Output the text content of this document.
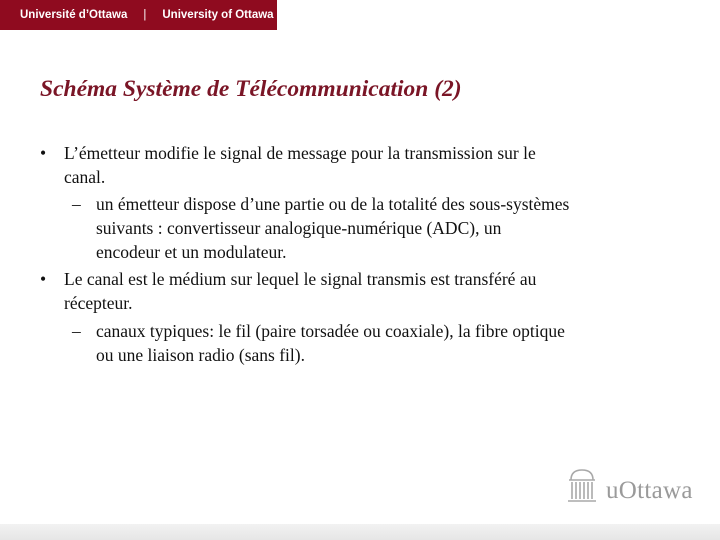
Université d’Ottawa | University of Ottawa
Schéma Système de Télécommunication (2)
• L’émetteur modifie le signal de message pour la transmission sur le
canal.
– un émetteur dispose d’une partie ou de la totalité des sous-systèmes
suivants : convertisseur analogique-numérique (ADC), un
encodeur et un modulateur.
• Le canal est le médium sur lequel le signal transmis est transféré au
récepteur.
– canaux typiques: le fil (paire torsadée ou coaxiale), la fibre optique
ou une liaison radio (sans fil).
uOttawa
